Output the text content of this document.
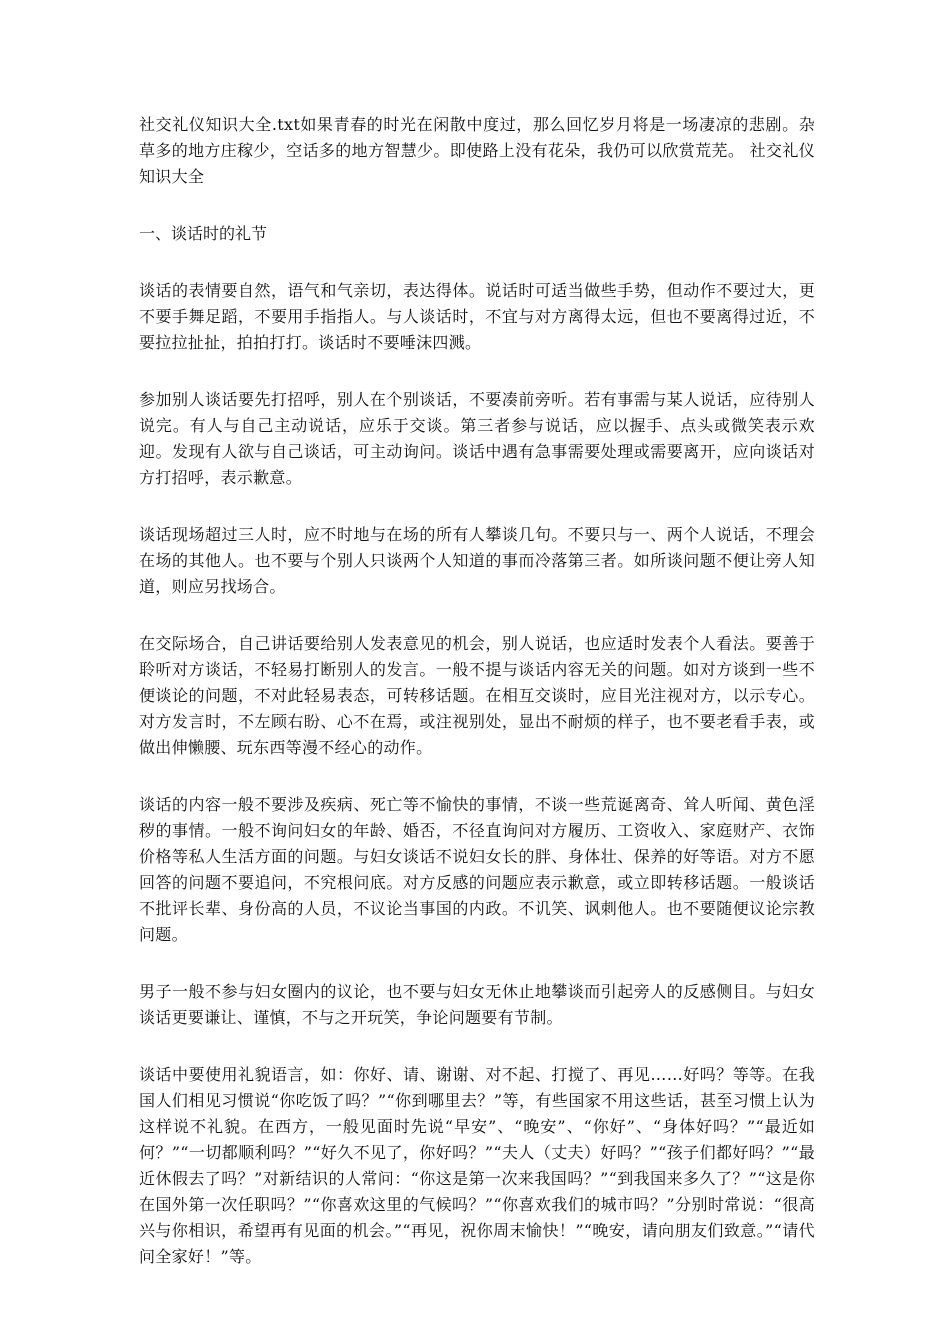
社交礼仪知识大全.txt如果青春的时光在闲散中度过，那么回忆岁月将是一场凄凉的悲剧。杂草多的地方庄稼少，空话多的地方智慧少。即使路上没有花朵，我仍可以欣赏荒芜。 社交礼仪知识大全

一、谈话时的礼节

谈话的表情要自然，语气和气亲切，表达得体。说话时可适当做些手势，但动作不要过大，更不要手舞足蹈，不要用手指指人。与人谈话时，不宜与对方离得太远，但也不要离得过近，不要拉拉扯扯，拍拍打打。谈话时不要唾沫四溅。

参加别人谈话要先打招呼，别人在个别谈话，不要凑前旁听。若有事需与某人说话，应待别人说完。有人与自己主动说话，应乐于交谈。第三者参与说话，应以握手、点头或微笑表示欢迎。发现有人欲与自己谈话，可主动询问。谈话中遇有急事需要处理或需要离开，应向谈话对方打招呼，表示歉意。

谈话现场超过三人时，应不时地与在场的所有人攀谈几句。不要只与一、两个人说话，不理会在场的其他人。也不要与个别人只谈两个人知道的事而冷落第三者。如所谈问题不便让旁人知道，则应另找场合。

在交际场合，自己讲话要给别人发表意见的机会，别人说话，也应适时发表个人看法。要善于聆听对方谈话，不轻易打断别人的发言。一般不提与谈话内容无关的问题。如对方谈到一些不便谈论的问题，不对此轻易表态，可转移话题。在相互交谈时，应目光注视对方，以示专心。对方发言时，不左顾右盼、心不在焉，或注视别处，显出不耐烦的样子，也不要老看手表，或做出伸懒腰、玩东西等漫不经心的动作。

谈话的内容一般不要涉及疾病、死亡等不愉快的事情，不谈一些荒诞离奇、耸人听闻、黄色淫秽的事情。一般不询问妇女的年龄、婚否，不径直询问对方履历、工资收入、家庭财产、衣饰价格等私人生活方面的问题。与妇女谈话不说妇女长的胖、身体壮、保养的好等语。对方不愿回答的问题不要追问，不究根问底。对方反感的问题应表示歉意，或立即转移话题。一般谈话不批评长辈、身份高的人员，不议论当事国的内政。不讥笑、讽刺他人。也不要随便议论宗教问题。

男子一般不参与妇女圈内的议论，也不要与妇女无休止地攀谈而引起旁人的反感侧目。与妇女谈话更要谦让、谨慎，不与之开玩笑，争论问题要有节制。

谈话中要使用礼貌语言，如：你好、请、谢谢、对不起、打搅了、再见……好吗？等等。在我国人们相见习惯说“你吃饭了吗？”“你到哪里去？”等，有些国家不用这些话，甚至习惯上认为这样说不礼貌。在西方，一般见面时先说“早安”、“晚安”、“你好”、“身体好吗？”“最近如何？”“一切都顺利吗？”“好久不见了，你好吗？”“夫人（丈夫）好吗？”“孩子们都好吗？”“最近休假去了吗？”对新结识的人常问：“你这是第一次来我国吗？”“到我国来多久了？”“这是你在国外第一次任职吗？”“你喜欢这里的气候吗？”“你喜欢我们的城市吗？”分别时常说：“很高兴与你相识，希望再有见面的机会。”“再见，祝你周末愉快！”“晚安，请向朋友们致意。”“请代问全家好！”等。
